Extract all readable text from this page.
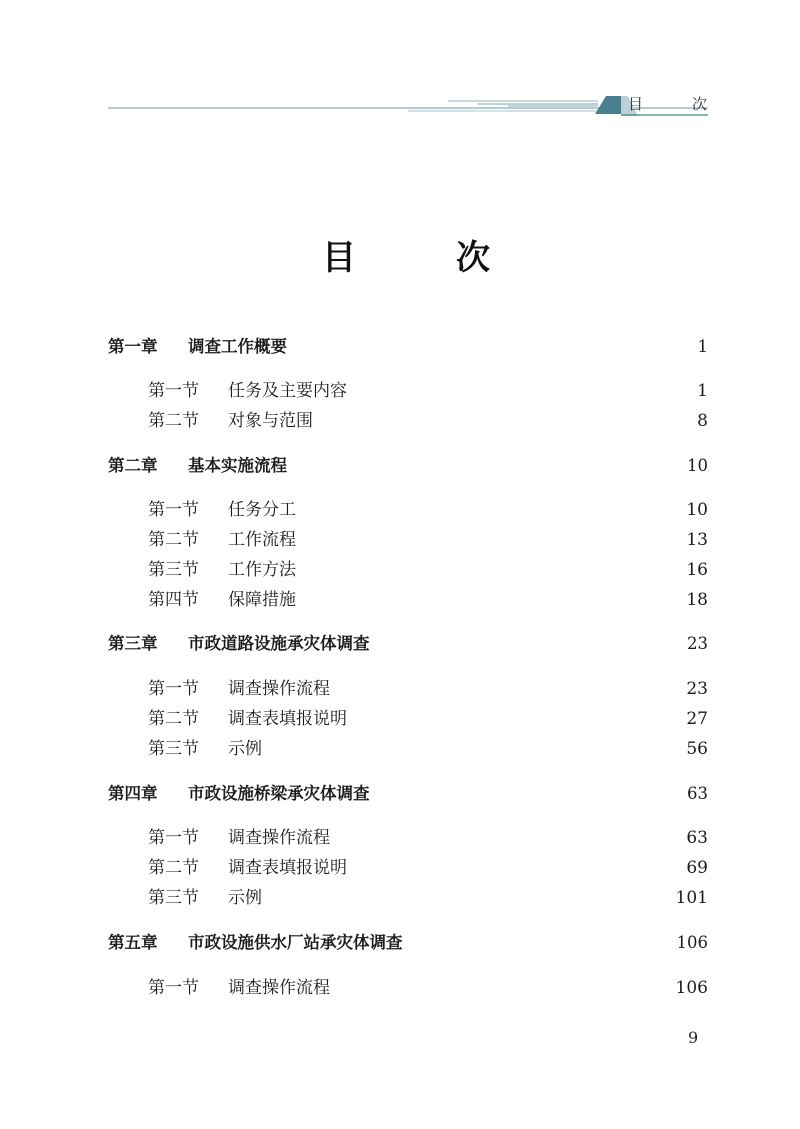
目	次
目	次
第一章	调查工作概要	1
第一节	任务及主要内容	1
第二节	对象与范围	8
第二章	基本实施流程	10
第一节	任务分工	10
第二节	工作流程	13
第三节	工作方法	16
第四节	保障措施	18
第三章	市政道路设施承灾体调查	23
第一节	调查操作流程	23
第二节	调查表填报说明	27
第三节	示例	56
第四章	市政设施桥梁承灾体调查	63
第一节	调查操作流程	63
第二节	调查表填报说明	69
第三节	示例	101
第五章	市政设施供水厂站承灾体调查	106
第一节	调查操作流程	106
9
